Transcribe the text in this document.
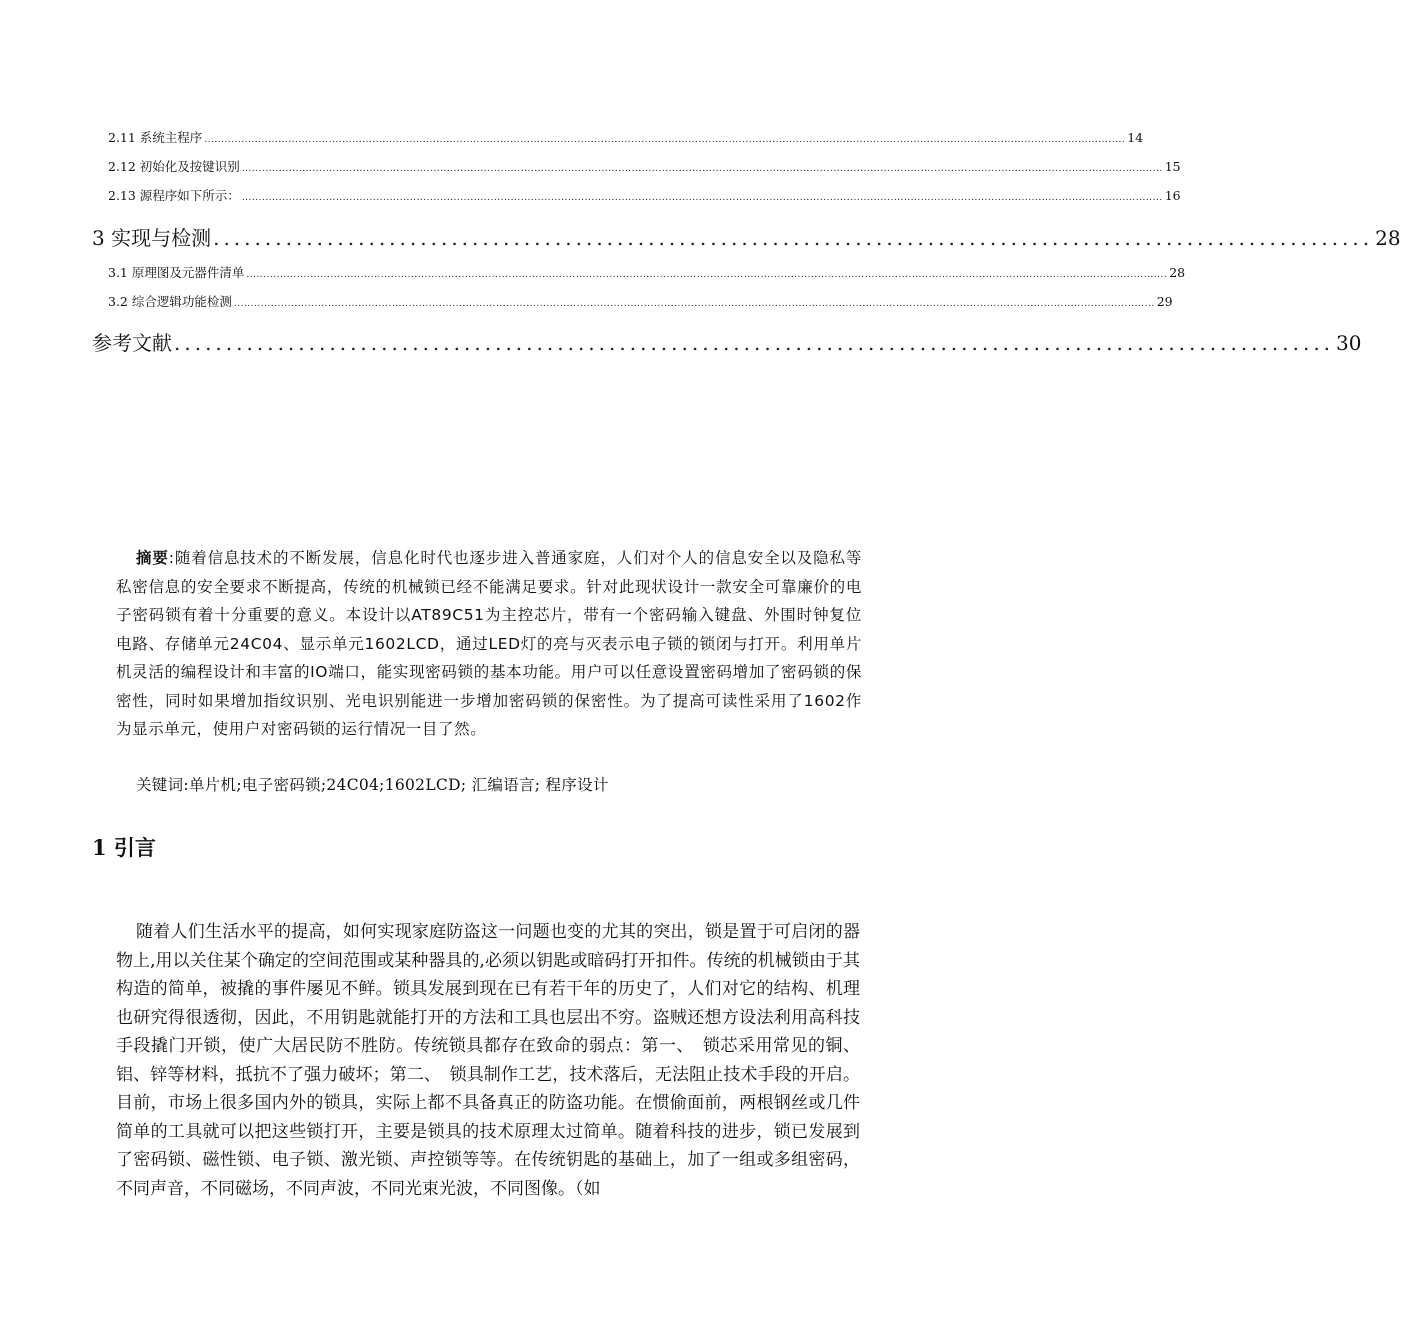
2.11 系统主程序 .................................................................................................................................................................................................................................................................................. 14
2.12 初始化及按键识别 .................................................................................................................................................................................................................................................................................. 15
2.13 源程序如下所示： .................................................................................................................................................................................................................................................................................. 16
3 实现与检测 ................................................................................................................ 28
3.1 原理图及元器件清单 .................................................................................................................................................................................................................................................................................. 28
3.2 综合逻辑功能检测 .................................................................................................................................................................................................................................................................................. 29
参考文献 ................................................................................................................ 30
摘要:随着信息技术的不断发展，信息化时代也逐步进入普通家庭，人们对个人的信息安全以及隐私等私密信息的安全要求不断提高，传统的机械锁已经不能满足要求。针对此现状设计一款安全可靠廉价的电子密码锁有着十分重要的意义。本设计以AT89C51为主控芯片，带有一个密码输入键盘、外围时钟复位电路、存储单元24C04、显示单元1602LCD，通过LED灯的亮与灭表示电子锁的锁闭与打开。利用单片机灵活的编程设计和丰富的IO端口，能实现密码锁的基本功能。用户可以任意设置密码增加了密码锁的保密性，同时如果增加指纹识别、光电识别能进一步增加密码锁的保密性。为了提高可读性采用了1602作为显示单元，使用户对密码锁的运行情况一目了然。
关键词:单片机;电子密码锁;24C04;1602LCD; 汇编语言; 程序设计
1 引言
随着人们生活水平的提高，如何实现家庭防盗这一问题也变的尤其的突出，锁是置于可启闭的器物上,用以关住某个确定的空间范围或某种器具的,必须以钥匙或暗码打开扣件。传统的机械锁由于其构造的简单，被撬的事件屡见不鲜。锁具发展到现在已有若干年的历史了，人们对它的结构、机理也研究得很透彻，因此，不用钥匙就能打开的方法和工具也层出不穷。盗贼还想方设法利用高科技手段撬门开锁，使广大居民防不胜防。传统锁具都存在致命的弱点：第一、　锁芯采用常见的铜、铝、锌等材料，抵抗不了强力破坏；第二、　锁具制作工艺，技术落后，无法阻止技术手段的开启。目前，市场上很多国内外的锁具，实际上都不具备真正的防盗功能。在惯偷面前，两根钢丝或几件简单的工具就可以把这些锁打开，主要是锁具的技术原理太过简单。随着科技的进步，锁已发展到了密码锁、磁性锁、电子锁、激光锁、声控锁等等。在传统钥匙的基础上，加了一组或多组密码，不同声音，不同磁场，不同声波，不同光束光波，不同图像。（如
